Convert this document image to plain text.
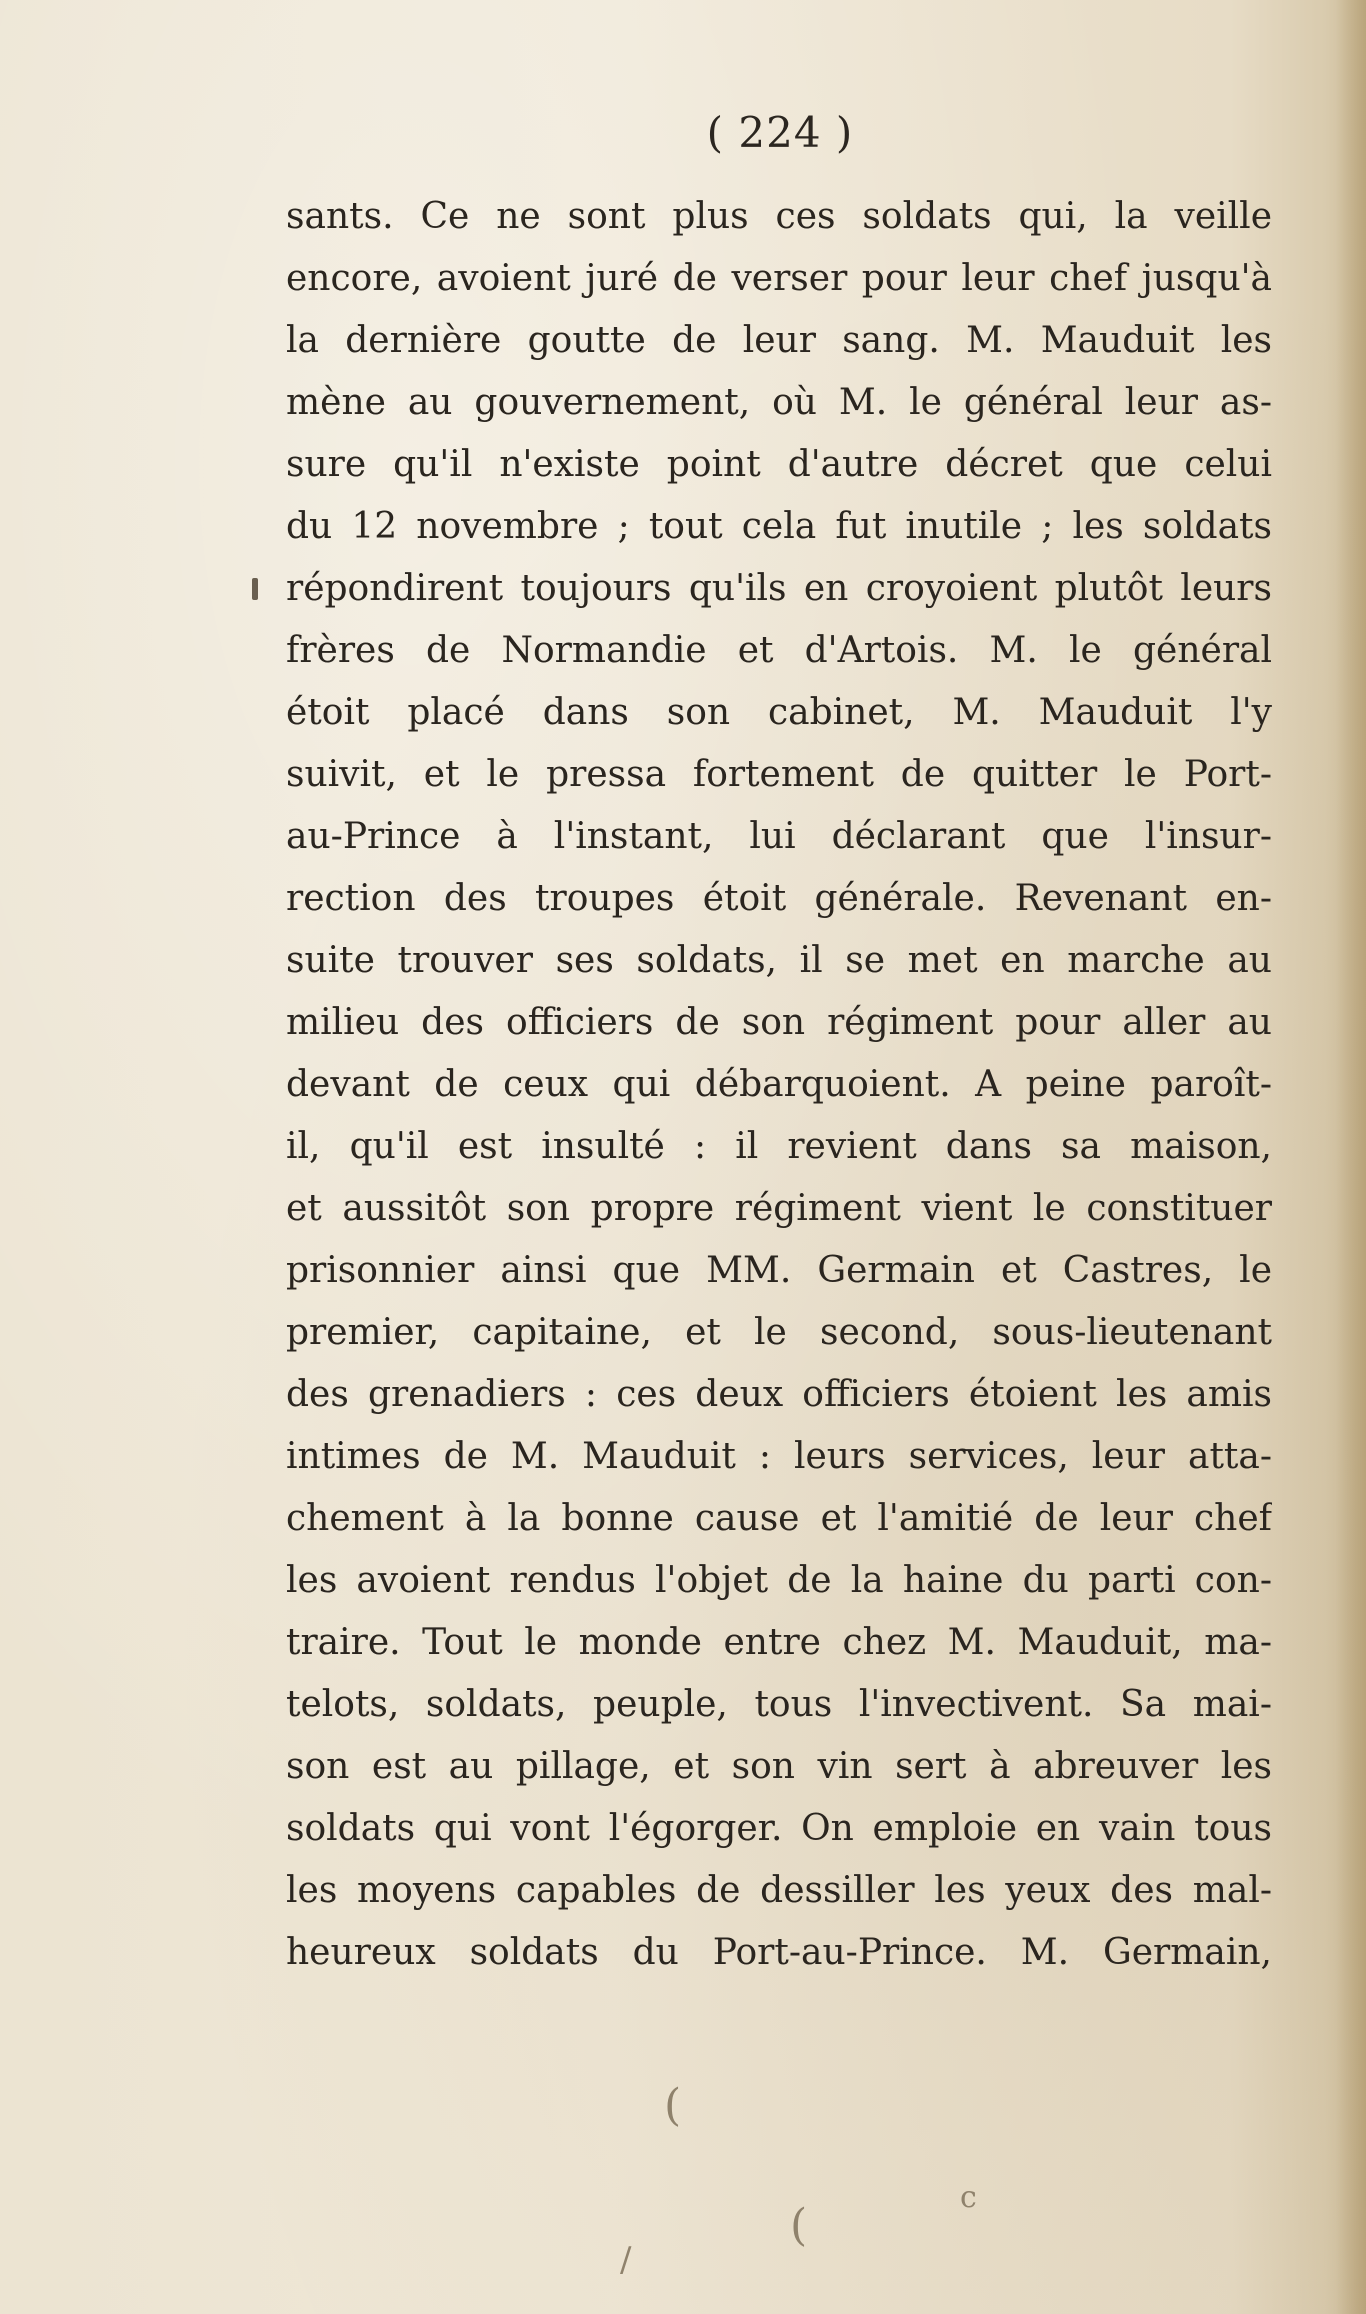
( 224 )
sants. Ce ne sont plus ces soldats qui, la veille
encore, avoient juré de verser pour leur chef jusqu'à
la dernière goutte de leur sang. M. Mauduit les
mène au gouvernement, où M. le général leur as-
sure qu'il n'existe point d'autre décret que celui
du 12 novembre ; tout cela fut inutile ; les soldats
répondirent toujours qu'ils en croyoient plutôt leurs
frères de Normandie et d'Artois. M. le général
étoit placé dans son cabinet, M. Mauduit l'y
suivit, et le pressa fortement de quitter le Port-
au-Prince à l'instant, lui déclarant que l'insur-
rection des troupes étoit générale. Revenant en-
suite trouver ses soldats, il se met en marche au
milieu des officiers de son régiment pour aller au
devant de ceux qui débarquoient. A peine paroît-
il, qu'il est insulté : il revient dans sa maison,
et aussitôt son propre régiment vient le constituer
prisonnier ainsi que MM. Germain et Castres, le
premier, capitaine, et le second, sous-lieutenant
des grenadiers : ces deux officiers étoient les amis
intimes de M. Mauduit : leurs services, leur atta-
chement à la bonne cause et l'amitié de leur chef
les avoient rendus l'objet de la haine du parti con-
traire. Tout le monde entre chez M. Mauduit, ma-
telots, soldats, peuple, tous l'invectivent. Sa mai-
son est au pillage, et son vin sert à abreuver les
soldats qui vont l'égorger. On emploie en vain tous
les moyens capables de dessiller les yeux des mal-
heureux soldats du Port-au-Prince. M. Germain,
(
(
c
/
